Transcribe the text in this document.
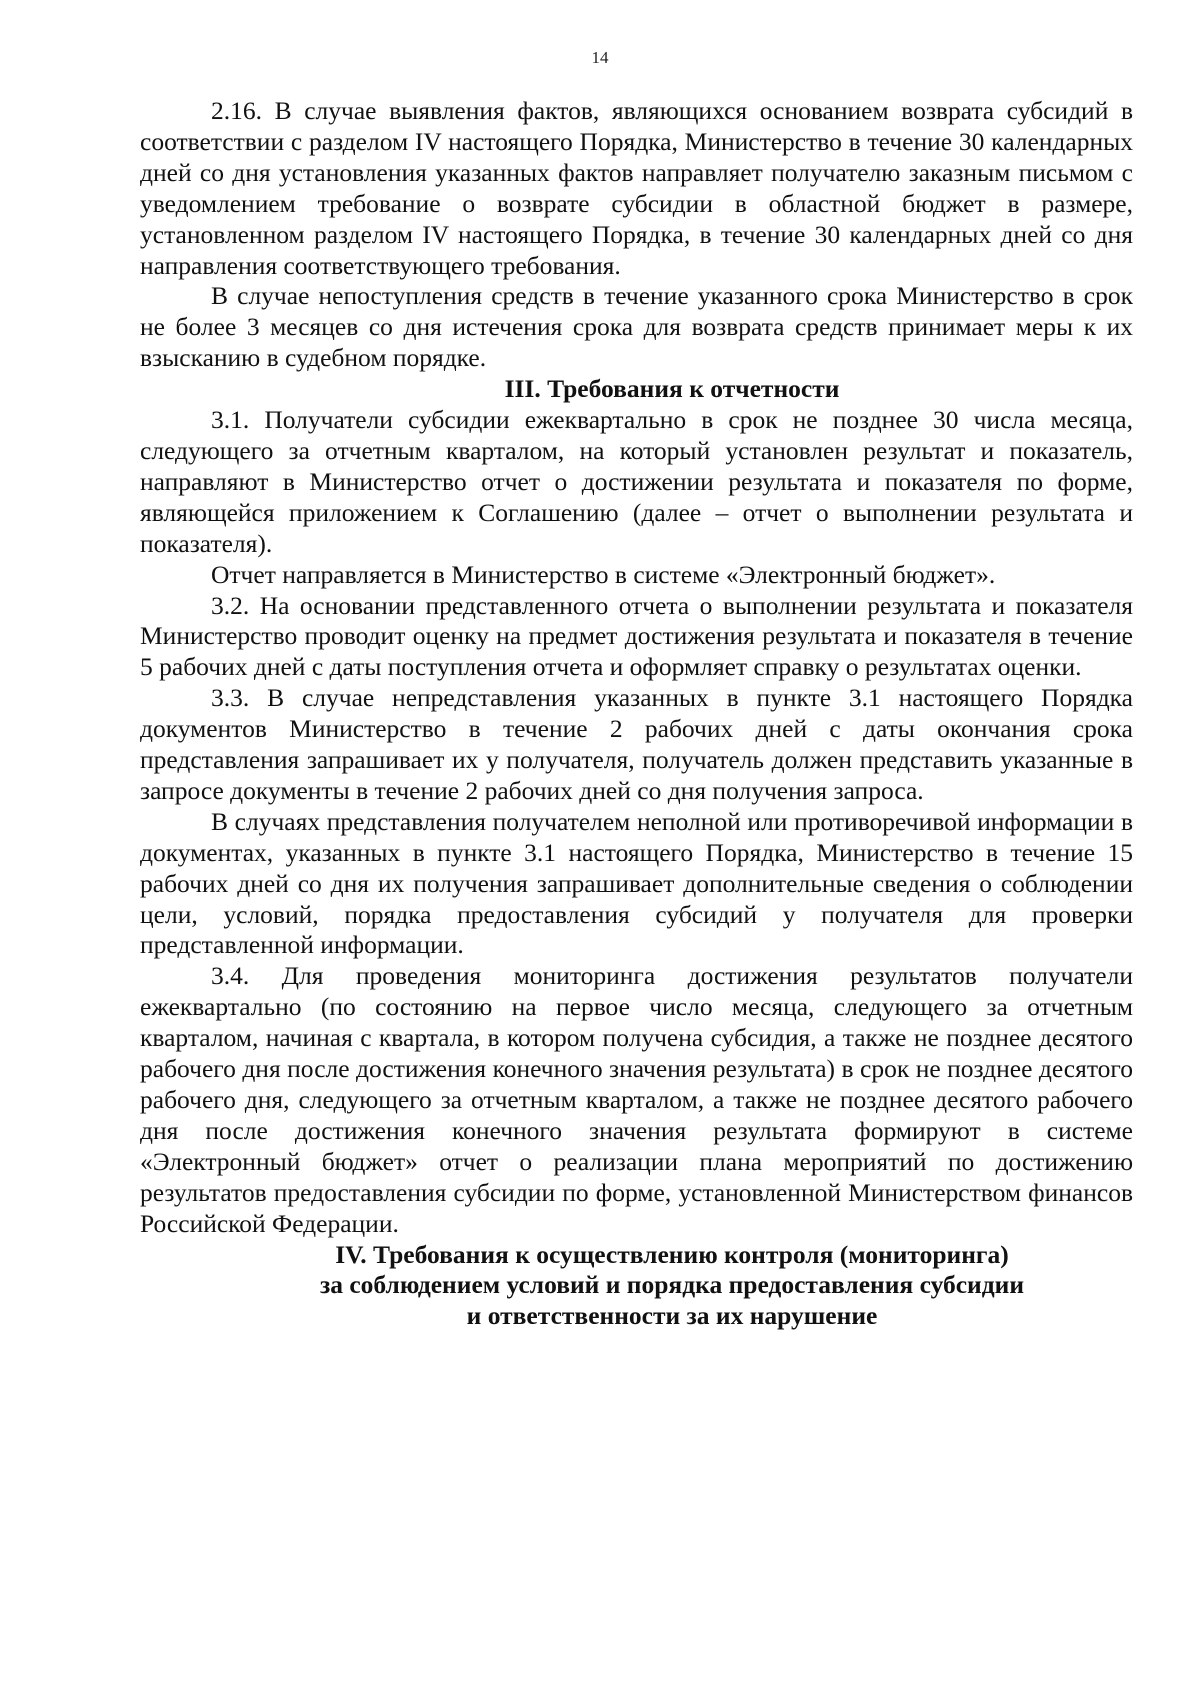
14

2.16. В случае выявления фактов, являющихся основанием возврата субсидий в соответствии с разделом IV настоящего Порядка, Министерство в течение 30 календарных дней со дня установления указанных фактов направляет получателю заказным письмом с уведомлением требование о возврате субсидии в областной бюджет в размере, установленном разделом IV настоящего Порядка, в течение 30 календарных дней со дня направления соответствующего требования.

В случае непоступления средств в течение указанного срока Министерство в срок не более 3 месяцев со дня истечения срока для возврата средств принимает меры к их взысканию в судебном порядке.

III. Требования к отчетности

3.1. Получатели субсидии ежеквартально в срок не позднее 30 числа месяца, следующего за отчетным кварталом, на который установлен результат и показатель, направляют в Министерство отчет о достижении результата и показателя по форме, являющейся приложением к Соглашению (далее – отчет о выполнении результата и показателя).

Отчет направляется в Министерство в системе «Электронный бюджет».

3.2. На основании представленного отчета о выполнении результата и показателя Министерство проводит оценку на предмет достижения результата и показателя в течение 5 рабочих дней с даты поступления отчета и оформляет справку о результатах оценки.

3.3. В случае непредставления указанных в пункте 3.1 настоящего Порядка документов Министерство в течение 2 рабочих дней с даты окончания срока представления запрашивает их у получателя, получатель должен представить указанные в запросе документы в течение 2 рабочих дней со дня получения запроса.

В случаях представления получателем неполной или противоречивой информации в документах, указанных в пункте 3.1 настоящего Порядка, Министерство в течение 15 рабочих дней со дня их получения запрашивает дополнительные сведения о соблюдении цели, условий, порядка предоставления субсидий у получателя для проверки представленной информации.

3.4. Для проведения мониторинга достижения результатов получатели ежеквартально (по состоянию на первое число месяца, следующего за отчетным кварталом, начиная с квартала, в котором получена субсидия, а также не позднее десятого рабочего дня после достижения конечного значения результата) в срок не позднее десятого рабочего дня, следующего за отчетным кварталом, а также не позднее десятого рабочего дня после достижения конечного значения результата формируют в системе «Электронный бюджет» отчет о реализации плана мероприятий по достижению результатов предоставления субсидии по форме, установленной Министерством финансов Российской Федерации.

IV. Требования к осуществлению контроля (мониторинга)
за соблюдением условий и порядка предоставления субсидии
и ответственности за их нарушение
